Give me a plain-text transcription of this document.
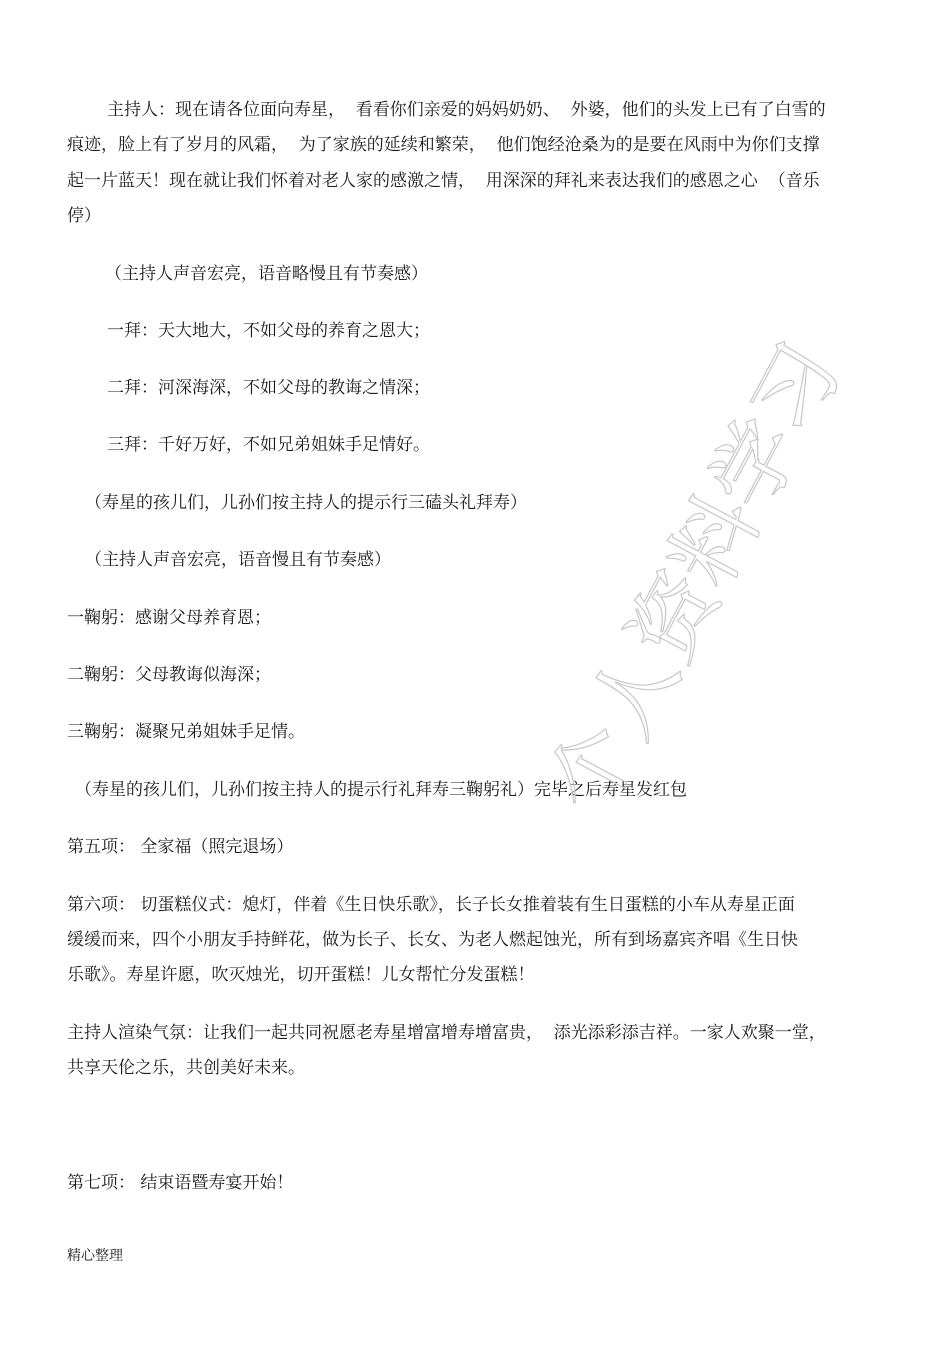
主持人：现在请各位面向寿星，  看看你们亲爱的妈妈奶奶、  外婆，他们的头发上已有了白雪的
痕迹，脸上有了岁月的风霜，  为了家族的延续和繁荣，  他们饱经沧桑为的是要在风雨中为你们支撑
起一片蓝天！现在就让我们怀着对老人家的感激之情，  用深深的拜礼来表达我们的感恩之心  （音乐
停）
（主持人声音宏亮，语音略慢且有节奏感）
一拜：天大地大，不如父母的养育之恩大；
二拜：河深海深，不如父母的教诲之情深；
三拜：千好万好，不如兄弟姐妹手足情好。
（寿星的孩儿们，儿孙们按主持人的提示行三磕头礼拜寿）
（主持人声音宏亮，语音慢且有节奏感）
一鞠躬：感谢父母养育恩；
二鞠躬：父母教诲似海深；
三鞠躬：凝聚兄弟姐妹手足情。
（寿星的孩儿们，儿孙们按主持人的提示行礼拜寿三鞠躬礼）完毕之后寿星发红包
第五项： 全家福（照完退场）
第六项： 切蛋糕仪式：熄灯，伴着《生日快乐歌》，长子长女推着装有生日蛋糕的小车从寿星正面
缓缓而来，四个小朋友手持鲜花，做为长子、长女、为老人燃起蚀光，所有到场嘉宾齐唱《生日快
乐歌》。寿星许愿，吹灭烛光，切开蛋糕！儿女帮忙分发蛋糕！
主持人渲染气氛：让我们一起共同祝愿老寿星增富增寿增富贵，  添光添彩添吉祥。一家人欢聚一堂，
共享天伦之乐，共创美好未来。
第七项： 结束语暨寿宴开始！
精心整理
个人资料学习
